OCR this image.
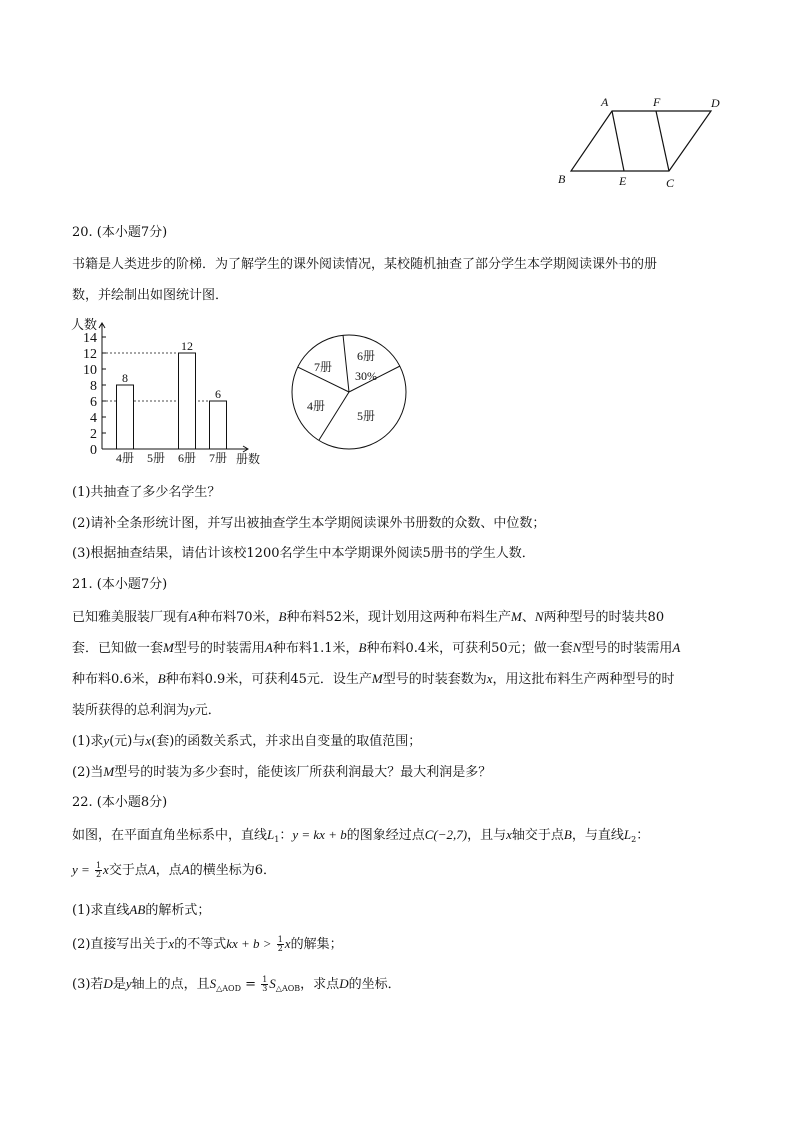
A	F	D
B	E	C
20. (本小题7分)
书籍是人类进步的阶梯．为了解学生的课外阅读情况，某校随机抽查了部分学生本学期阅读课外书的册
数，并绘制出如图统计图．
人数
册数
0
2
4
6
8
10
12
14
8
12
6
4册 5册 6册 7册
6册
30%
5册
4册
7册
(1)共抽查了多少名学生？
(2)请补全条形统计图，并写出被抽查学生本学期阅读课外书册数的众数、中位数；
(3)根据抽查结果，请估计该校1200名学生中本学期课外阅读5册书的学生人数．
21. (本小题7分)
已知雅美服装厂现有A种布料70米，B种布料52米，现计划用这两种布料生产M、N两种型号的时装共80
套．已知做一套M型号的时装需用A种布料1.1米，B种布料0.4米，可获利50元；做一套N型号的时装需用A
种布料0.6米，B种布料0.9米，可获利45元．设生产M型号的时装套数为x，用这批布料生产两种型号的时
装所获得的总利润为y元．
(1)求y(元)与x(套)的函数关系式，并求出自变量的取值范围；
(2)当M型号的时装为多少套时，能使该厂所获利润最大？最大利润是多？
22. (本小题8分)
如图，在平面直角坐标系中，直线$L_1$：y = kx + b的图象经过点C(−2,7)，且与x轴交于点B，与直线$L_2$：
$y = \frac{1}{2}$ x交于点A，点A的横坐标为6．
(1)求直线AB的解析式；
(2)直接写出关于x的不等式kx + $b > \frac{1}{2}$ x的解集；
(3)若D是y轴上的点，且$S_{\triangle AOD} = \frac{1}{3} S_{\triangle AOB}$，求点D的坐标．
